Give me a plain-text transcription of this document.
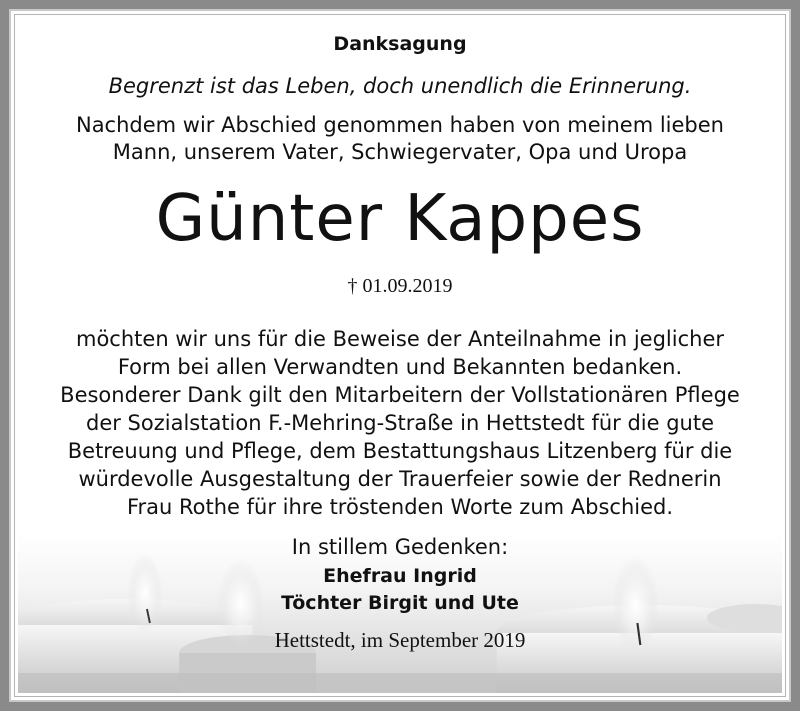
Danksagung
Begrenzt ist das Leben, doch unendlich die Erinnerung.
Nachdem wir Abschied genommen haben von meinem lieben
Mann, unserem Vater, Schwiegervater, Opa und Uropa
Günter Kappes
† 01.09.2019
möchten wir uns für die Beweise der Anteilnahme in jeglicher
Form bei allen Verwandten und Bekannten bedanken.
Besonderer Dank gilt den Mitarbeitern der Vollstationären Pflege
der Sozialstation F.-Mehring-Straße in Hettstedt für die gute
Betreuung und Pflege, dem Bestattungshaus Litzenberg für die
würdevolle Ausgestaltung der Trauerfeier sowie der Rednerin
Frau Rothe für ihre tröstenden Worte zum Abschied.
In stillem Gedenken:
Ehefrau Ingrid
Töchter Birgit und Ute
Hettstedt, im September 2019
